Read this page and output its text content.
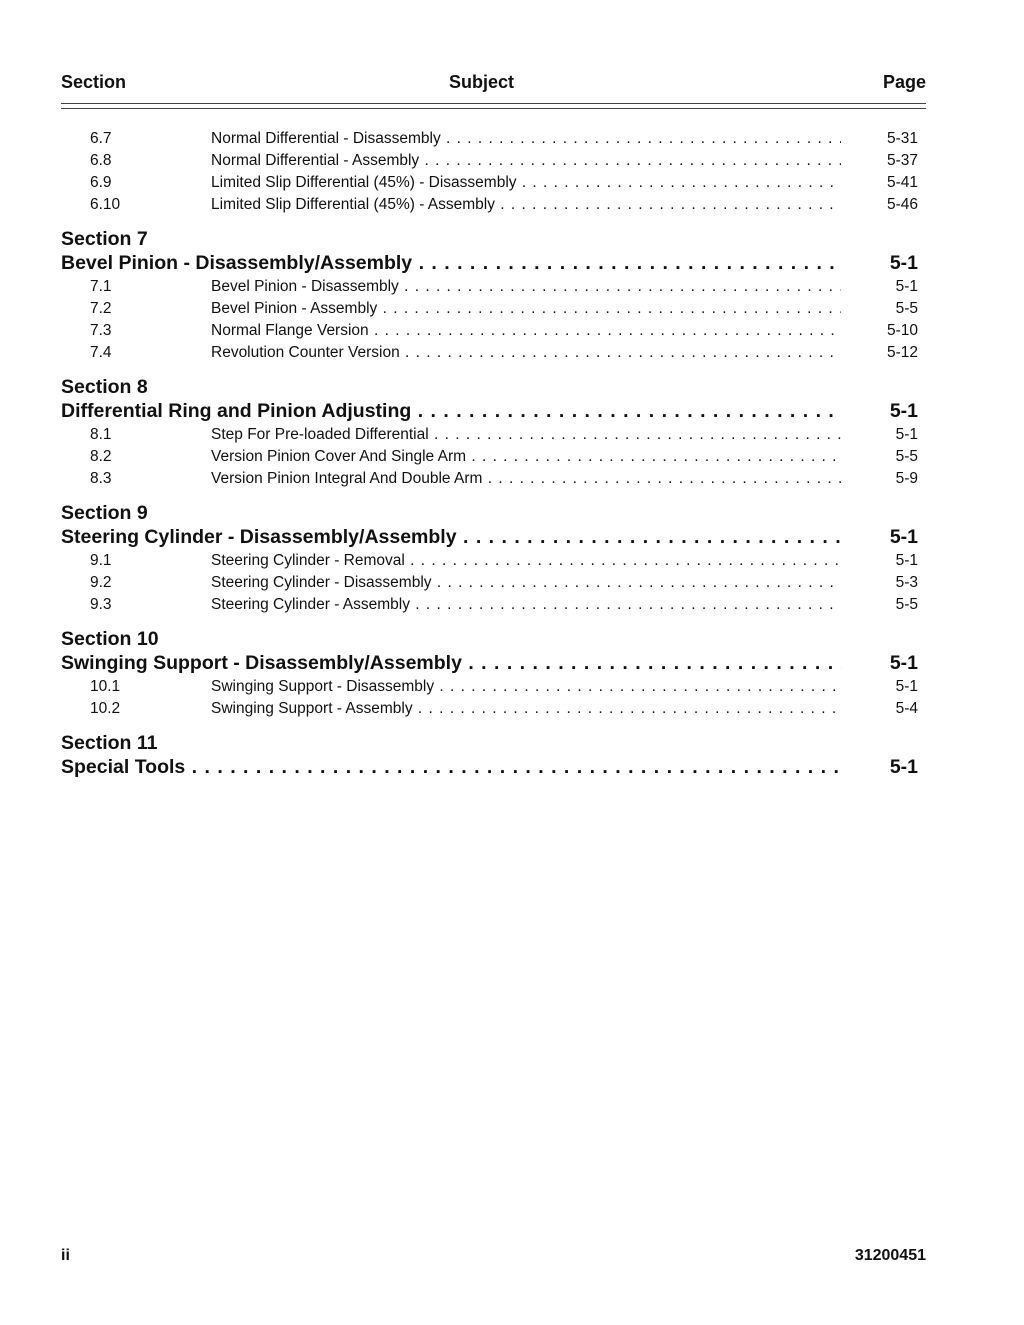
Section	Subject	Page
6.7	Normal Differential - Disassembly . . .	5-31
6.8	Normal Differential - Assembly . . .	5-37
6.9	Limited Slip Differential (45%) - Disassembly . . .	5-41
6.10	Limited Slip Differential (45%) - Assembly . . .	5-46
Section 7
Bevel Pinion - Disassembly/Assembly . . .	5-1
7.1	Bevel Pinion - Disassembly . . .	5-1
7.2	Bevel Pinion - Assembly . . .	5-5
7.3	Normal Flange Version . . .	5-10
7.4	Revolution Counter Version . . .	5-12
Section 8
Differential Ring and Pinion Adjusting . . .	5-1
8.1	Step For Pre-loaded Differential . . .	5-1
8.2	Version Pinion Cover And Single Arm . . .	5-5
8.3	Version Pinion Integral And Double Arm . . .	5-9
Section 9
Steering Cylinder - Disassembly/Assembly . . .	5-1
9.1	Steering Cylinder - Removal . . .	5-1
9.2	Steering Cylinder - Disassembly . . .	5-3
9.3	Steering Cylinder - Assembly . . .	5-5
Section 10
Swinging Support - Disassembly/Assembly . . .	5-1
10.1	Swinging Support - Disassembly . . .	5-1
10.2	Swinging Support - Assembly . . .	5-4
Section 11
Special Tools . . .	5-1
ii	31200451
